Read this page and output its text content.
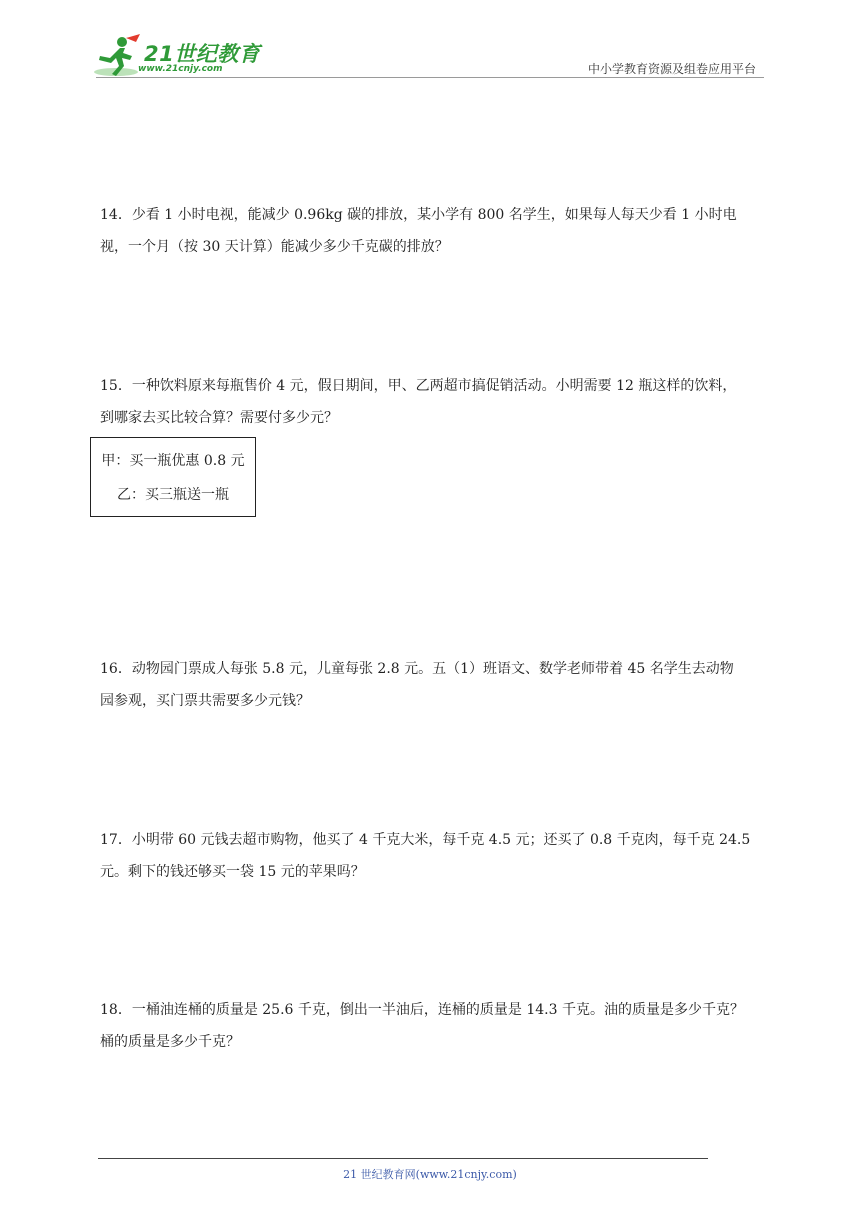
21世纪教育
www.21cnjy.com	中小学教育资源及组卷应用平台

14．少看 1 小时电视，能减少 0.96kg 碳的排放，某小学有 800 名学生，如果每人每天少看 1 小时电

视，一个月（按 30 天计算）能减少多少千克碳的排放？

15．一种饮料原来每瓶售价 4 元，假日期间，甲、乙两超市搞促销活动。小明需要 12 瓶这样的饮料，

到哪家去买比较合算？需要付多少元？

甲：买一瓶优惠 0.8 元
乙：买三瓶送一瓶

16．动物园门票成人每张 5.8 元，儿童每张 2.8 元。五（1）班语文、数学老师带着 45 名学生去动物

园参观，买门票共需要多少元钱？

17．小明带 60 元钱去超市购物，他买了 4 千克大米，每千克 4.5 元；还买了 0.8 千克肉，每千克 24.5

元。剩下的钱还够买一袋 15 元的苹果吗？

18．一桶油连桶的质量是 25.6 千克，倒出一半油后，连桶的质量是 14.3 千克。油的质量是多少千克？

桶的质量是多少千克？

21 世纪教育网(www.21cnjy.com)
